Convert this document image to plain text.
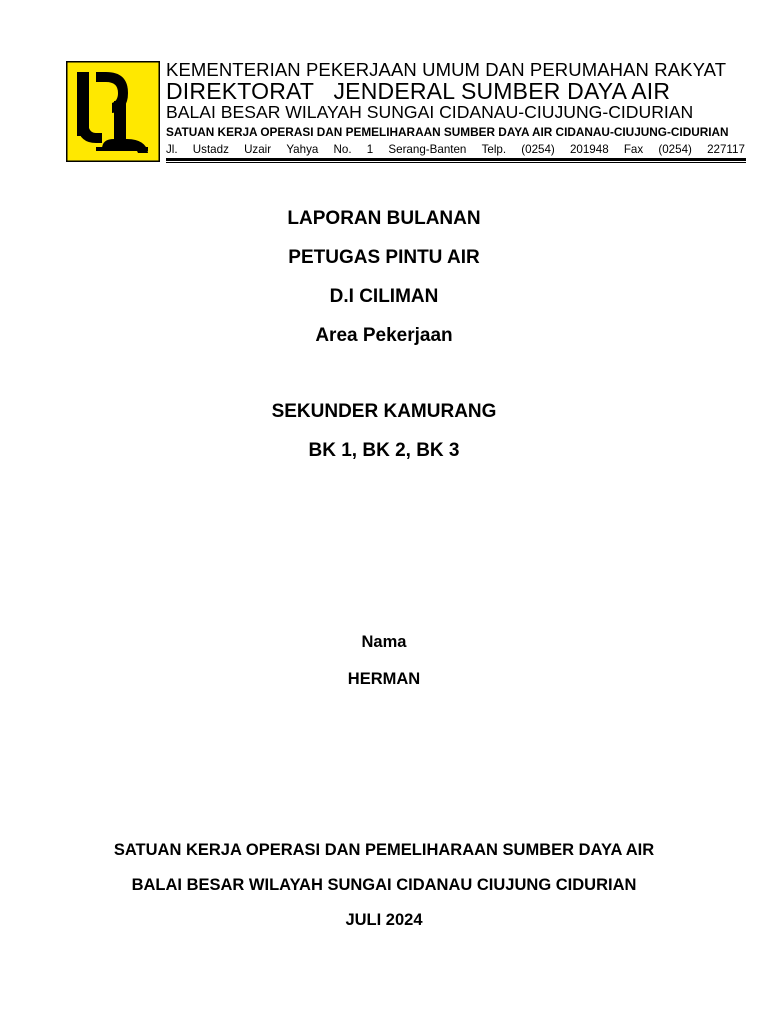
KEMENTERIAN PEKERJAAN UMUM DAN PERUMAHAN RAKYAT
DIREKTORAT   JENDERAL SUMBER DAYA AIR
BALAI BESAR WILAYAH SUNGAI CIDANAU-CIUJUNG-CIDURIAN
SATUAN KERJA OPERASI DAN PEMELIHARAAN SUMBER DAYA AIR CIDANAU-CIUJUNG-CIDURIAN
Jl. Ustadz Uzair Yahya No. 1 Serang-Banten Telp. (0254) 201948 Fax (0254) 227117
LAPORAN BULANAN
PETUGAS PINTU AIR
D.I CILIMAN
Area Pekerjaan
SEKUNDER KAMURANG
BK 1, BK 2, BK 3
Nama
HERMAN
SATUAN KERJA OPERASI DAN PEMELIHARAAN SUMBER DAYA AIR
BALAI BESAR WILAYAH SUNGAI CIDANAU CIUJUNG CIDURIAN
JULI 2024
